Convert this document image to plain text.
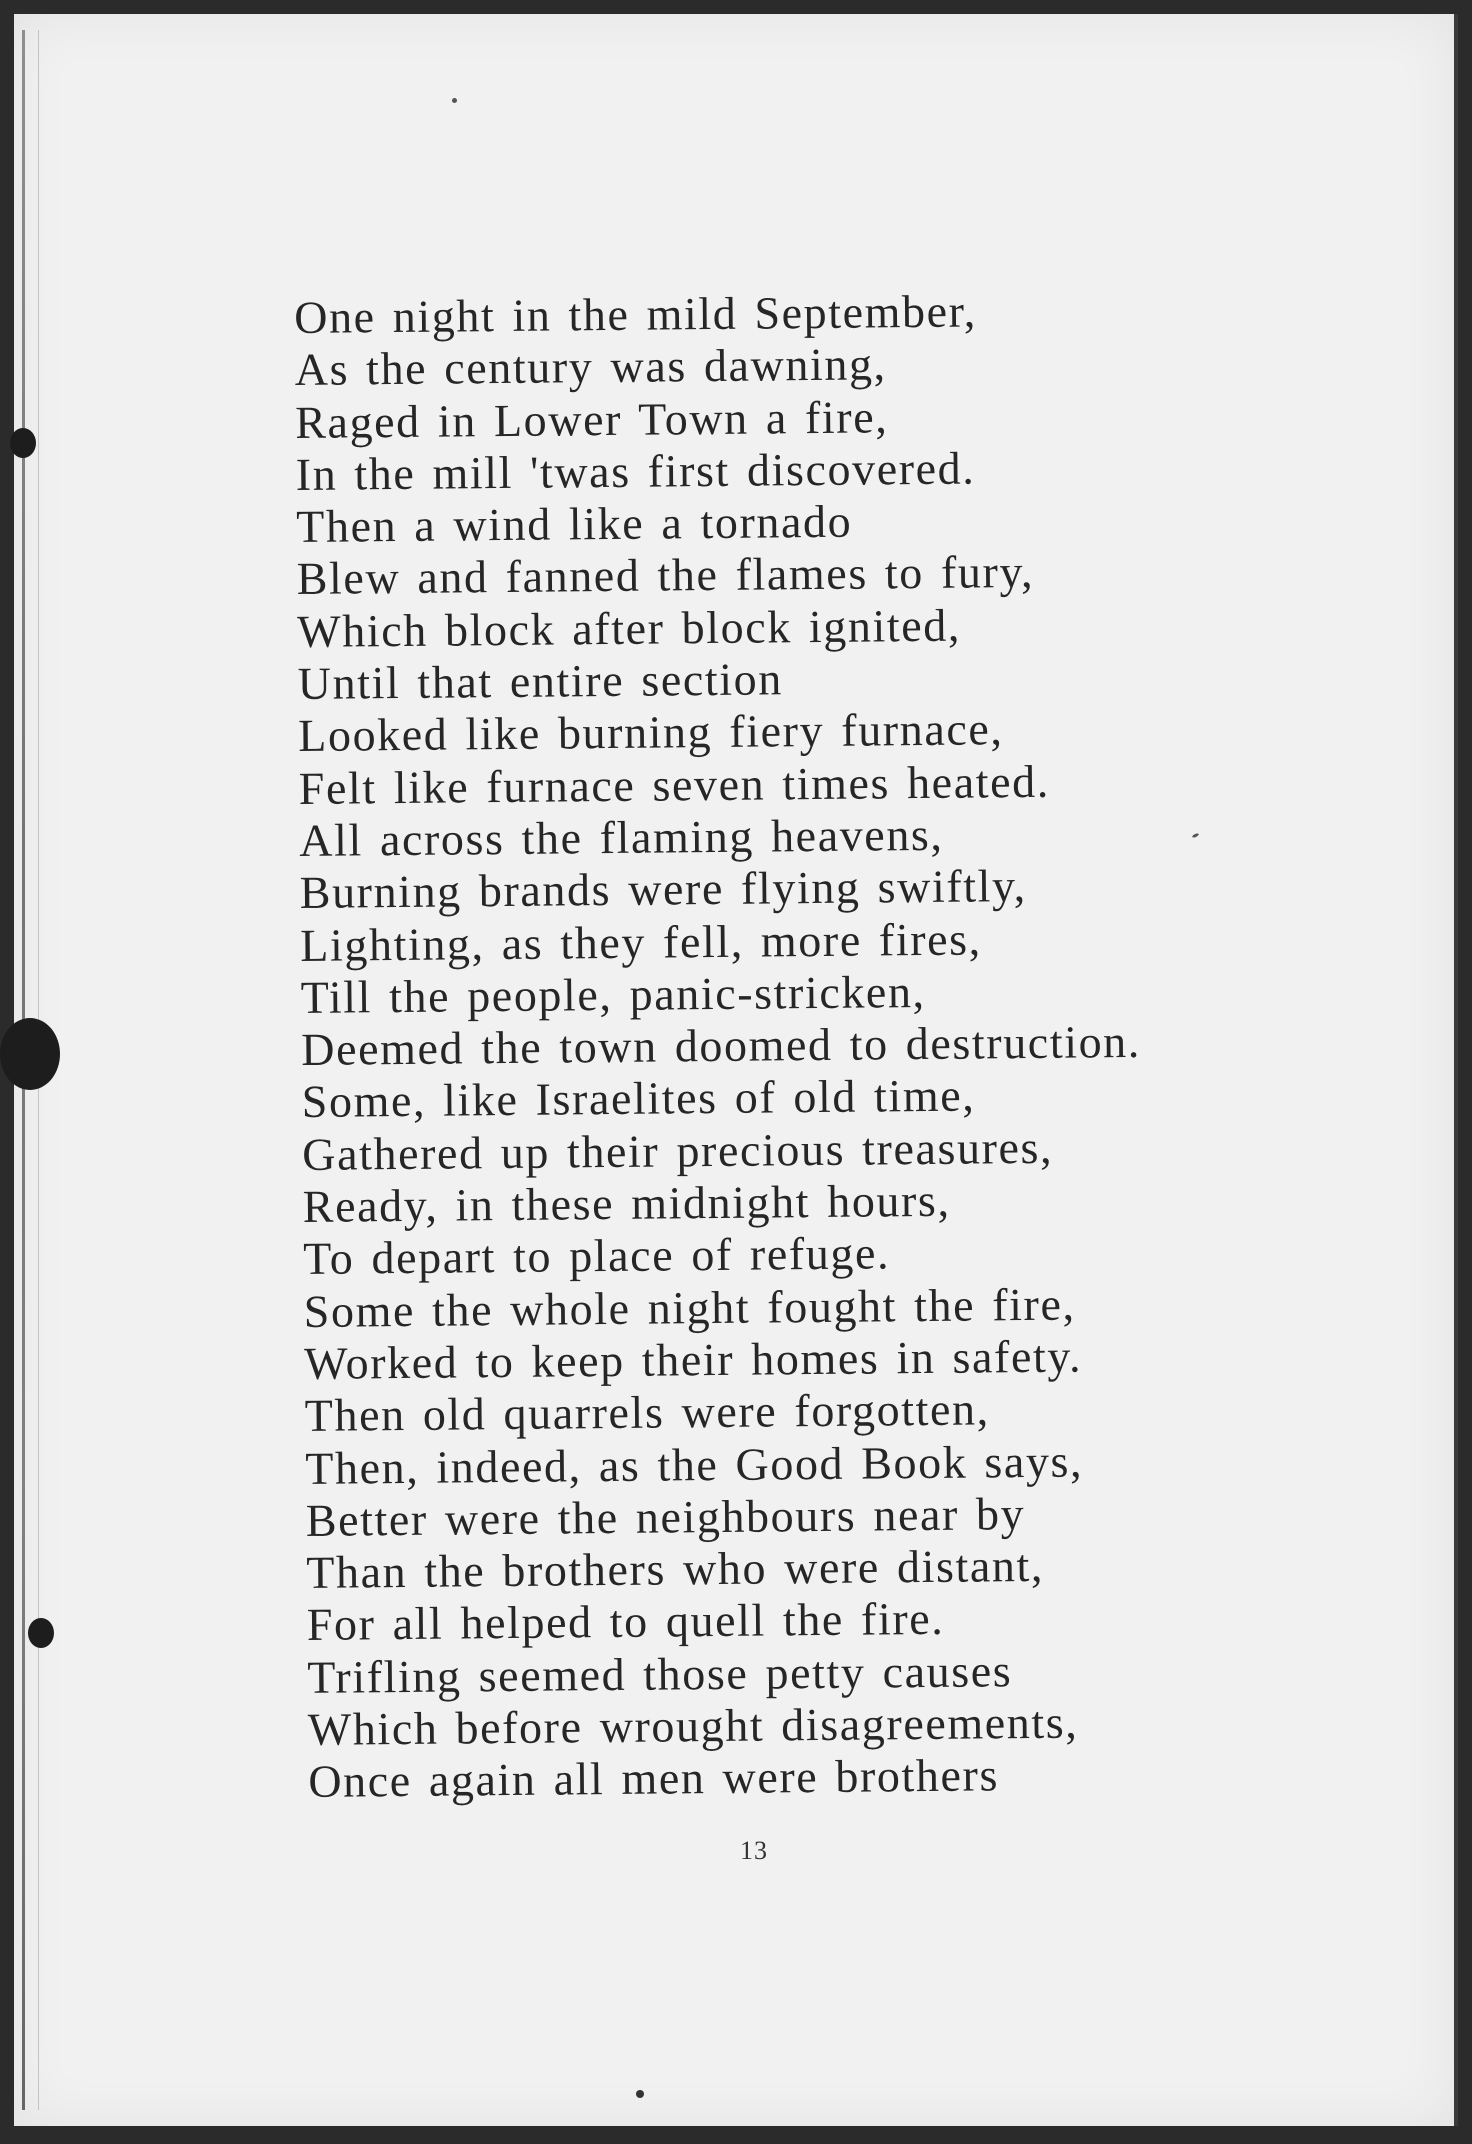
One night in the mild September,
As the century was dawning,
Raged in Lower Town a fire,
In the mill 'twas first discovered.
Then a wind like a tornado
Blew and fanned the flames to fury,
Which block after block ignited,
Until that entire section
Looked like burning fiery furnace,
Felt like furnace seven times heated.
All across the flaming heavens,
Burning brands were flying swiftly,
Lighting, as they fell, more fires,
Till the people, panic-stricken,
Deemed the town doomed to destruction.
Some, like Israelites of old time,
Gathered up their precious treasures,
Ready, in these midnight hours,
To depart to place of refuge.
Some the whole night fought the fire,
Worked to keep their homes in safety.
Then old quarrels were forgotten,
Then, indeed, as the Good Book says,
Better were the neighbours near by
Than the brothers who were distant,
For all helped to quell the fire.
Trifling seemed those petty causes
Which before wrought disagreements,
Once again all men were brothers
13
